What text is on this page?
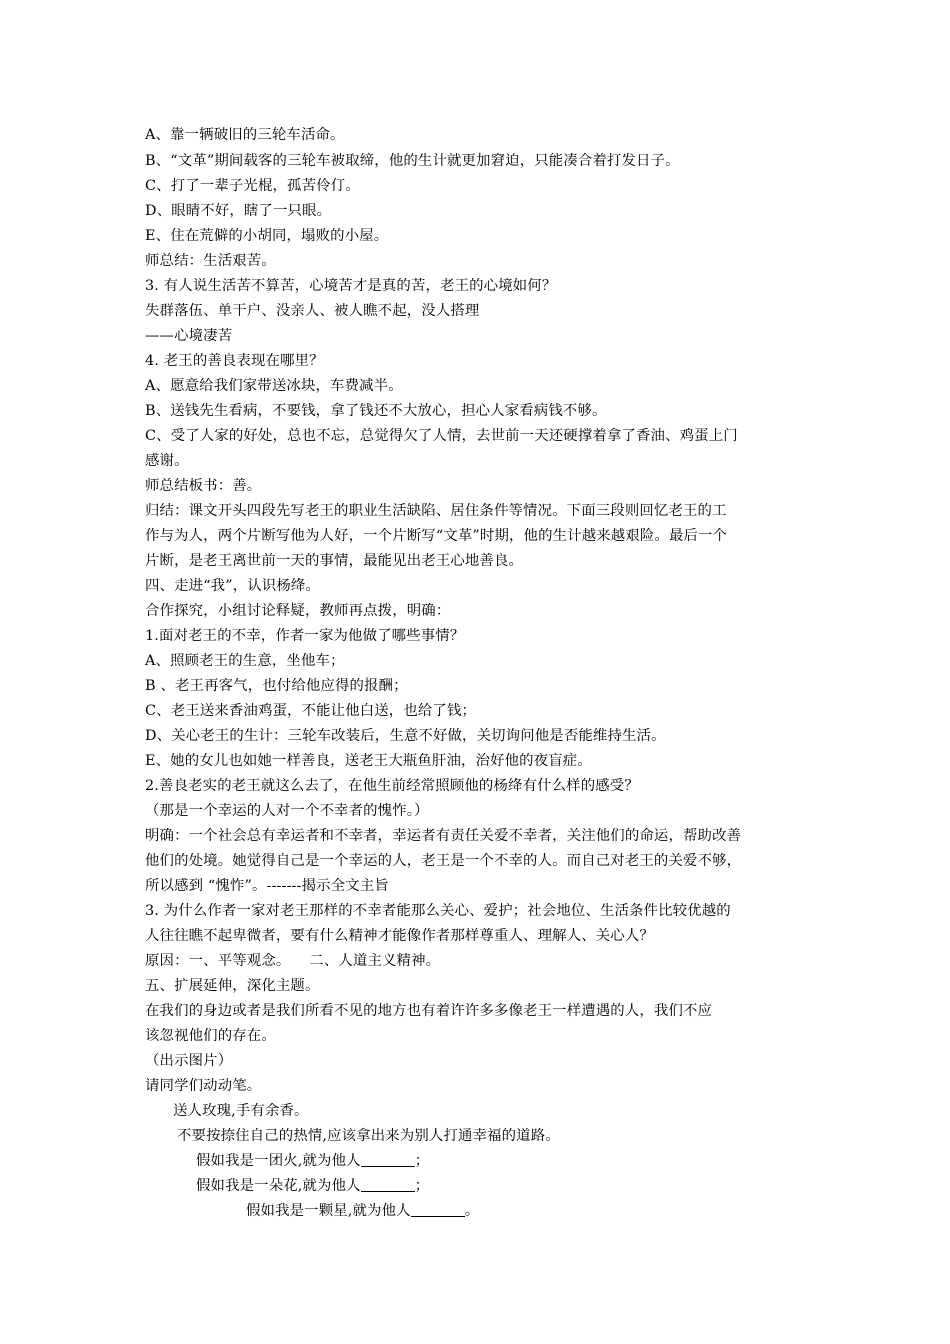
A、靠一辆破旧的三轮车活命。
B、“文革”期间载客的三轮车被取缔，他的生计就更加窘迫，只能凑合着打发日子。
C、打了一辈子光棍，孤苦伶仃。
D、眼睛不好，瞎了一只眼。
E、住在荒僻的小胡同，塌败的小屋。
师总结：生活艰苦。
3. 有人说生活苦不算苦，心境苦才是真的苦，老王的心境如何？
失群落伍、单干户、没亲人、被人瞧不起，没人搭理
——心境凄苦
4. 老王的善良表现在哪里？
A、愿意给我们家带送冰块，车费减半。
B、送钱先生看病，不要钱，拿了钱还不大放心，担心人家看病钱不够。
C、受了人家的好处，总也不忘，总觉得欠了人情，去世前一天还硬撑着拿了香油、鸡蛋上门
感谢。
师总结板书：善。
归结：课文开头四段先写老王的职业生活缺陷、居住条件等情况。下面三段则回忆老王的工
作与为人，两个片断写他为人好，一个片断写“文革”时期，他的生计越来越艰险。最后一个
片断，是老王离世前一天的事情，最能见出老王心地善良。
四、走进“我”，认识杨绛。
合作探究，小组讨论释疑，教师再点拨，明确：
1.面对老王的不幸，作者一家为他做了哪些事情？
A、照顾老王的生意，坐他车；
B 、老王再客气，也付给他应得的报酬；
C、老王送来香油鸡蛋，不能让他白送，也给了钱；
D、关心老王的生计：三轮车改装后，生意不好做，关切询问他是否能维持生活。
E、她的女儿也如她一样善良，送老王大瓶鱼肝油，治好他的夜盲症。
2.善良老实的老王就这么去了，在他生前经常照顾他的杨绛有什么样的感受？
（那是一个幸运的人对一个不幸者的愧怍。）
明确：一个社会总有幸运者和不幸者，幸运者有责任关爱不幸者，关注他们的命运，帮助改善
他们的处境。她觉得自己是一个幸运的人，老王是一个不幸的人。而自己对老王的关爱不够，
所以感到 “愧怍”。-------揭示全文主旨
3. 为什么作者一家对老王那样的不幸者能那么关心、爱护；社会地位、生活条件比较优越的
人往往瞧不起卑微者，要有什么精神才能像作者那样尊重人、理解人、关心人？
原因：一、平等观念。    二、人道主义精神。
五、扩展延伸，深化主题。
在我们的身边或者是我们所看不见的地方也有着许许多多像老王一样遭遇的人，我们不应
该忽视他们的存在。
（出示图片）
请同学们动动笔。
送人玫瑰,手有余香。
不要按捺住自己的热情,应该拿出来为别人打通幸福的道路。
假如我是一团火,就为他人	；
假如我是一朵花,就为他人	；
假如我是一颗星,就为他人	。
